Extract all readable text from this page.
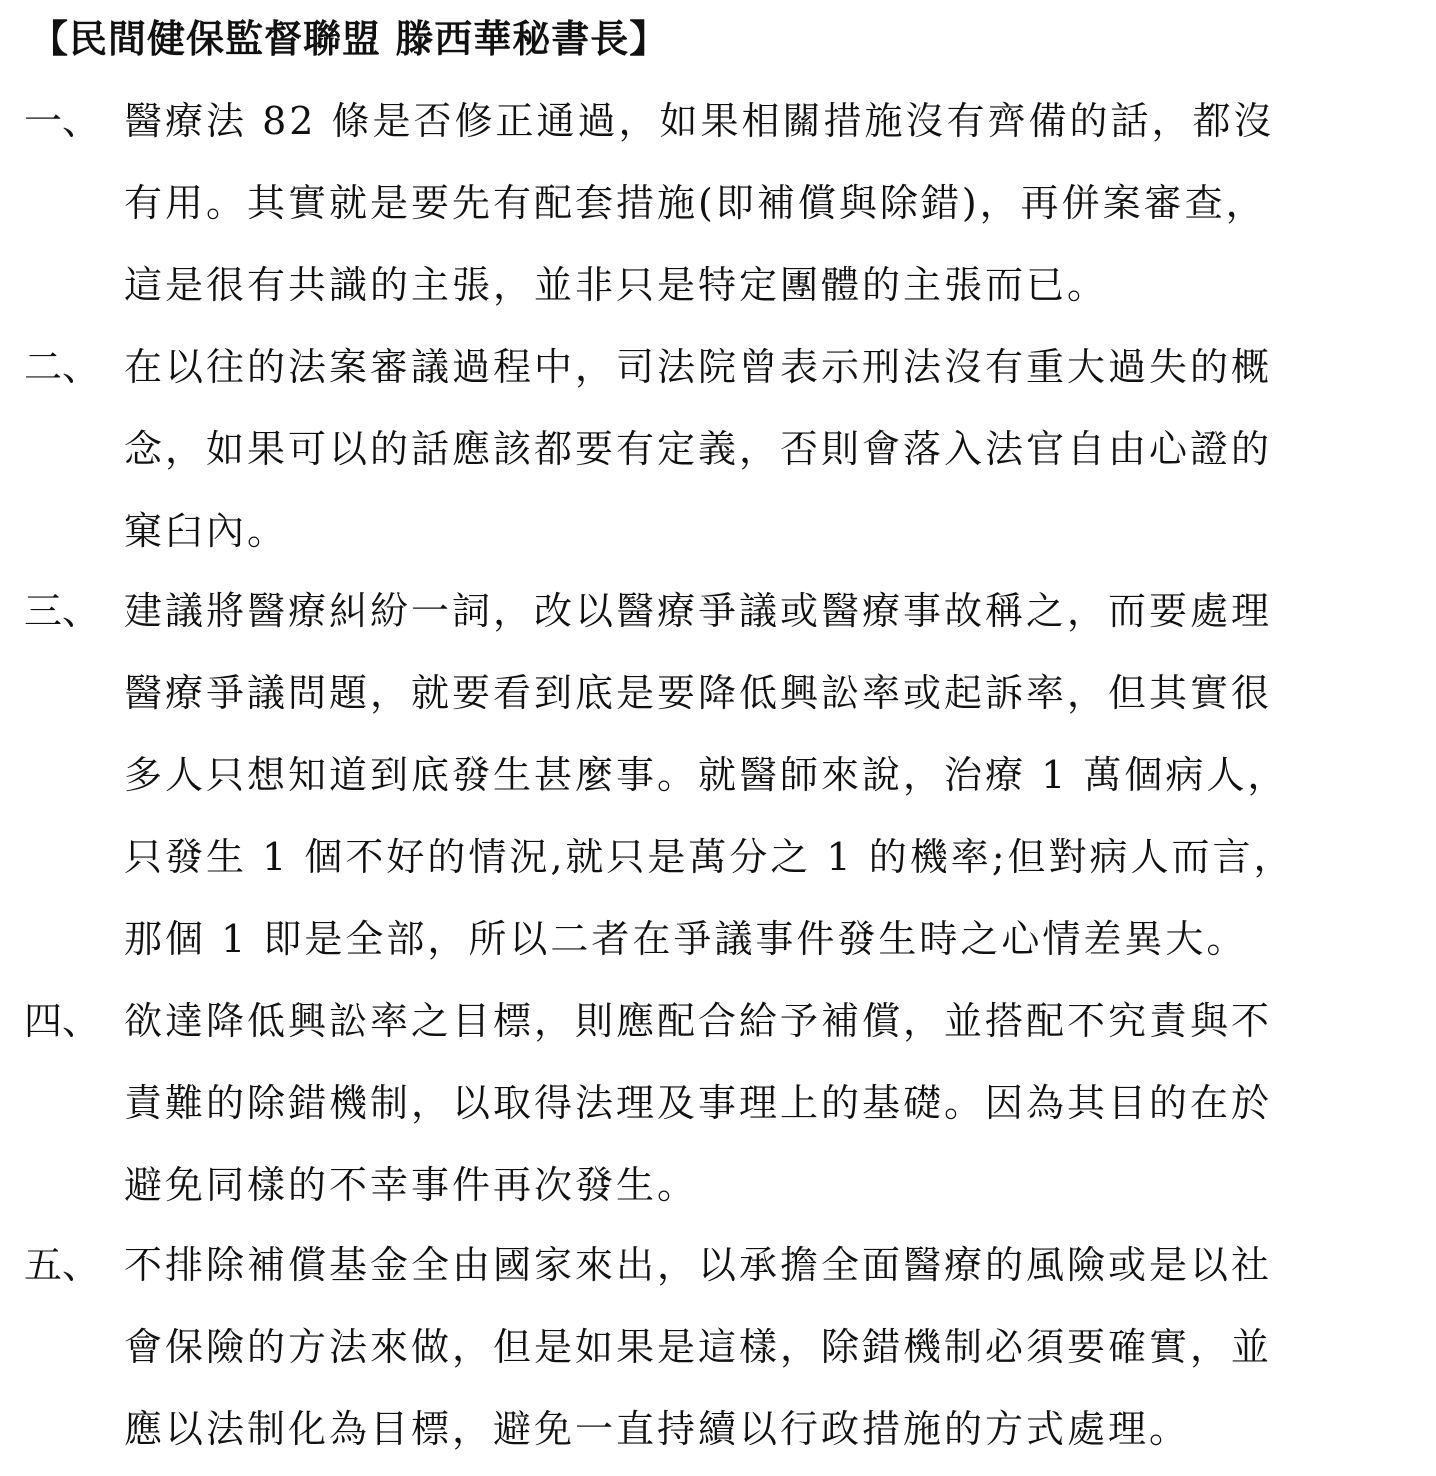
【民間健保監督聯盟 滕西華秘書長】
一、 醫療法 82 條是否修正通過，如果相關措施沒有齊備的話，都沒
有用。其實就是要先有配套措施(即補償與除錯)，再併案審查，
這是很有共識的主張，並非只是特定團體的主張而已。
二、 在以往的法案審議過程中，司法院曾表示刑法沒有重大過失的概
念，如果可以的話應該都要有定義，否則會落入法官自由心證的
窠臼內。
三、 建議將醫療糾紛一詞，改以醫療爭議或醫療事故稱之，而要處理
醫療爭議問題，就要看到底是要降低興訟率或起訴率，但其實很
多人只想知道到底發生甚麼事。就醫師來說，治療 1 萬個病人，
只發生 1 個不好的情況,就只是萬分之 1 的機率;但對病人而言，
那個 1 即是全部，所以二者在爭議事件發生時之心情差異大。
四、 欲達降低興訟率之目標，則應配合給予補償，並搭配不究責與不
責難的除錯機制，以取得法理及事理上的基礎。因為其目的在於
避免同樣的不幸事件再次發生。
五、 不排除補償基金全由國家來出，以承擔全面醫療的風險或是以社
會保險的方法來做，但是如果是這樣，除錯機制必須要確實，並
應以法制化為目標，避免一直持續以行政措施的方式處理。
